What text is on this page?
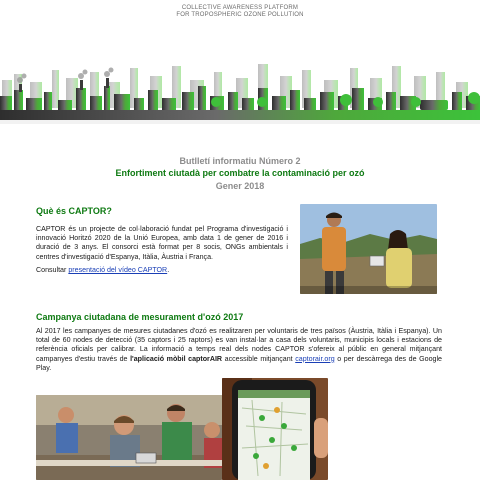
COLLECTIVE AWARENESS PLATFORM
FOR TROPOSPHERIC OZONE POLLUTION
Butlletí informatiu Número 2
Enfortiment ciutadà per combatre la contaminació per ozó
Gener 2018
Què és CAPTOR?
CAPTOR és un projecte de col·laboració fundat pel Programa d'investigació i innovació Horitzó 2020 de la Unió Europea, amb data 1 de gener de 2016 i duració de 3 anys. El consorci està format per 8 socis, ONGs ambientals i centres d'investigació d'Espanya, Itàlia, Àustria i França.
Consultar presentació del vídeo CAPTOR.
Campanya ciutadana de mesurament d'ozó 2017
Al 2017 les campanyes de mesures ciutadanes d'ozó es realitzaren per voluntaris de tres països (Àustria, Itàlia i Espanya). Un total de 60 nodes de detecció (35 captors i 25 raptors) es van instal·lar a casa dels voluntaris, municipis locals i estacions de referència oficials per calibrar. La informació a temps real dels nodes CAPTOR s'ofereix al públic en general mitjançant campanyes d'estiu través de l'aplicació mòbil captorAIR accessible mitjançant captorair.org o per descàrrega des de Google Play.
